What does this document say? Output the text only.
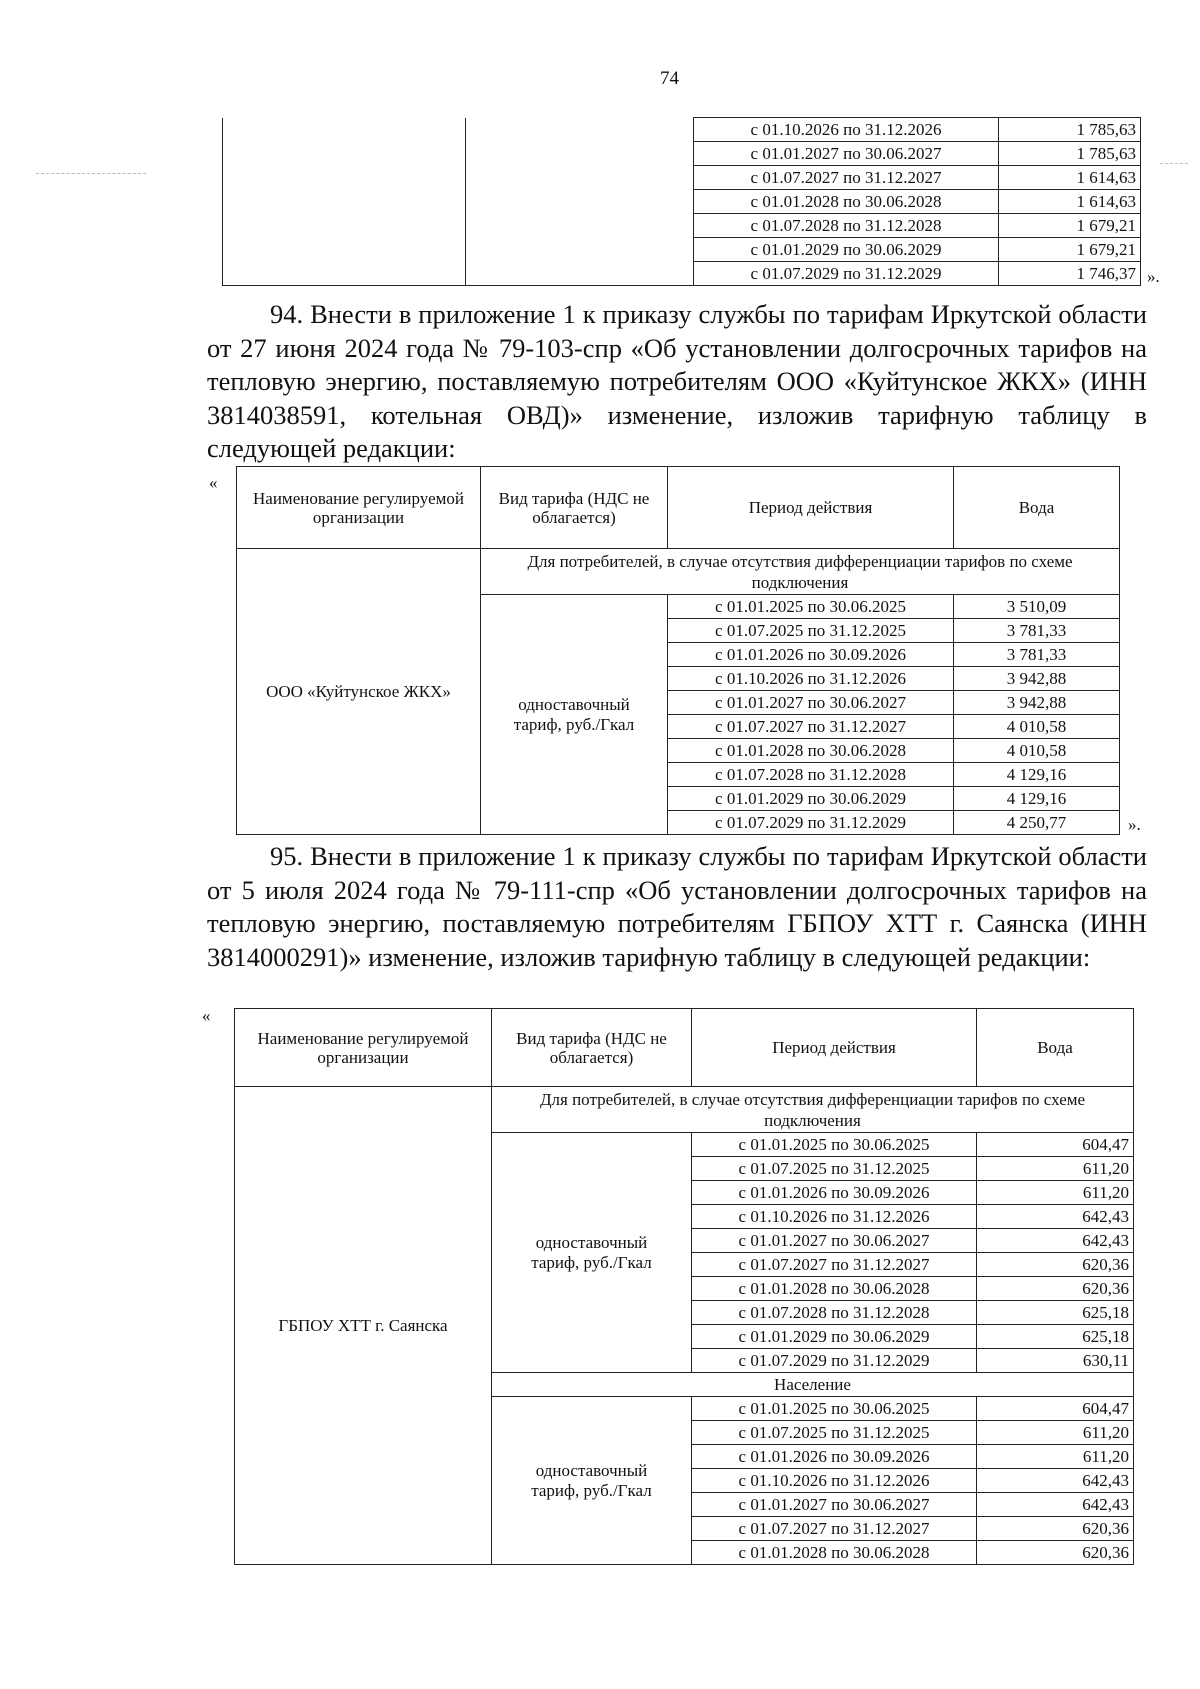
74
		с 01.10.2026 по 31.12.2026	1 785,63
		с 01.01.2027 по 30.06.2027	1 785,63
		с 01.07.2027 по 31.12.2027	1 614,63
		с 01.01.2028 по 30.06.2028	1 614,63
		с 01.07.2028 по 31.12.2028	1 679,21
		с 01.01.2029 по 30.06.2029	1 679,21
		с 01.07.2029 по 31.12.2029	1 746,37 ».
94. Внести в приложение 1 к приказу службы по тарифам Иркутской области от 27 июня 2024 года № 79-103-спр «Об установлении долгосрочных тарифов на тепловую энергию, поставляемую потребителям ООО «Куйтунское ЖКХ» (ИНН 3814038591, котельная ОВД)» изменение, изложив тарифную таблицу в следующей редакции:
«
Наименование регулируемой организации	Вид тарифа (НДС не облагается)	Период действия	Вода
ООО «Куйтунское ЖКХ»	Для потребителей, в случае отсутствия дифференциации тарифов по схеме подключения		
	одноставочный тариф, руб./Гкал	с 01.01.2025 по 30.06.2025	3 510,09
		с 01.07.2025 по 31.12.2025	3 781,33
		с 01.01.2026 по 30.09.2026	3 781,33
		с 01.10.2026 по 31.12.2026	3 942,88
		с 01.01.2027 по 30.06.2027	3 942,88
		с 01.07.2027 по 31.12.2027	4 010,58
		с 01.01.2028 по 30.06.2028	4 010,58
		с 01.07.2028 по 31.12.2028	4 129,16
		с 01.01.2029 по 30.06.2029	4 129,16
		с 01.07.2029 по 31.12.2029	4 250,77	».
95. Внести в приложение 1 к приказу службы по тарифам Иркутской области от 5 июля 2024 года № 79-111-спр «Об установлении долгосрочных тарифов на тепловую энергию, поставляемую потребителям ГБПОУ ХТТ г. Саянска (ИНН 3814000291)» изменение, изложив тарифную таблицу в следующей редакции:
«
Наименование регулируемой организации	Вид тарифа (НДС не облагается)	Период действия	Вода
ГБПОУ ХТТ г. Саянска	Для потребителей, в случае отсутствия дифференциации тарифов по схеме подключения		
	одноставочный тариф, руб./Гкал	с 01.01.2025 по 30.06.2025	604,47
		с 01.07.2025 по 31.12.2025	611,20
		с 01.01.2026 по 30.09.2026	611,20
		с 01.10.2026 по 31.12.2026	642,43
		с 01.01.2027 по 30.06.2027	642,43
		с 01.07.2027 по 31.12.2027	620,36
		с 01.01.2028 по 30.06.2028	620,36
		с 01.07.2028 по 31.12.2028	625,18
		с 01.01.2029 по 30.06.2029	625,18
		с 01.07.2029 по 31.12.2029	630,11
	Население		
	одноставочный тариф, руб./Гкал	с 01.01.2025 по 30.06.2025	604,47
		с 01.07.2025 по 31.12.2025	611,20
		с 01.01.2026 по 30.09.2026	611,20
		с 01.10.2026 по 31.12.2026	642,43
		с 01.01.2027 по 30.06.2027	642,43
		с 01.07.2027 по 31.12.2027	620,36
		с 01.01.2028 по 30.06.2028	620,36
